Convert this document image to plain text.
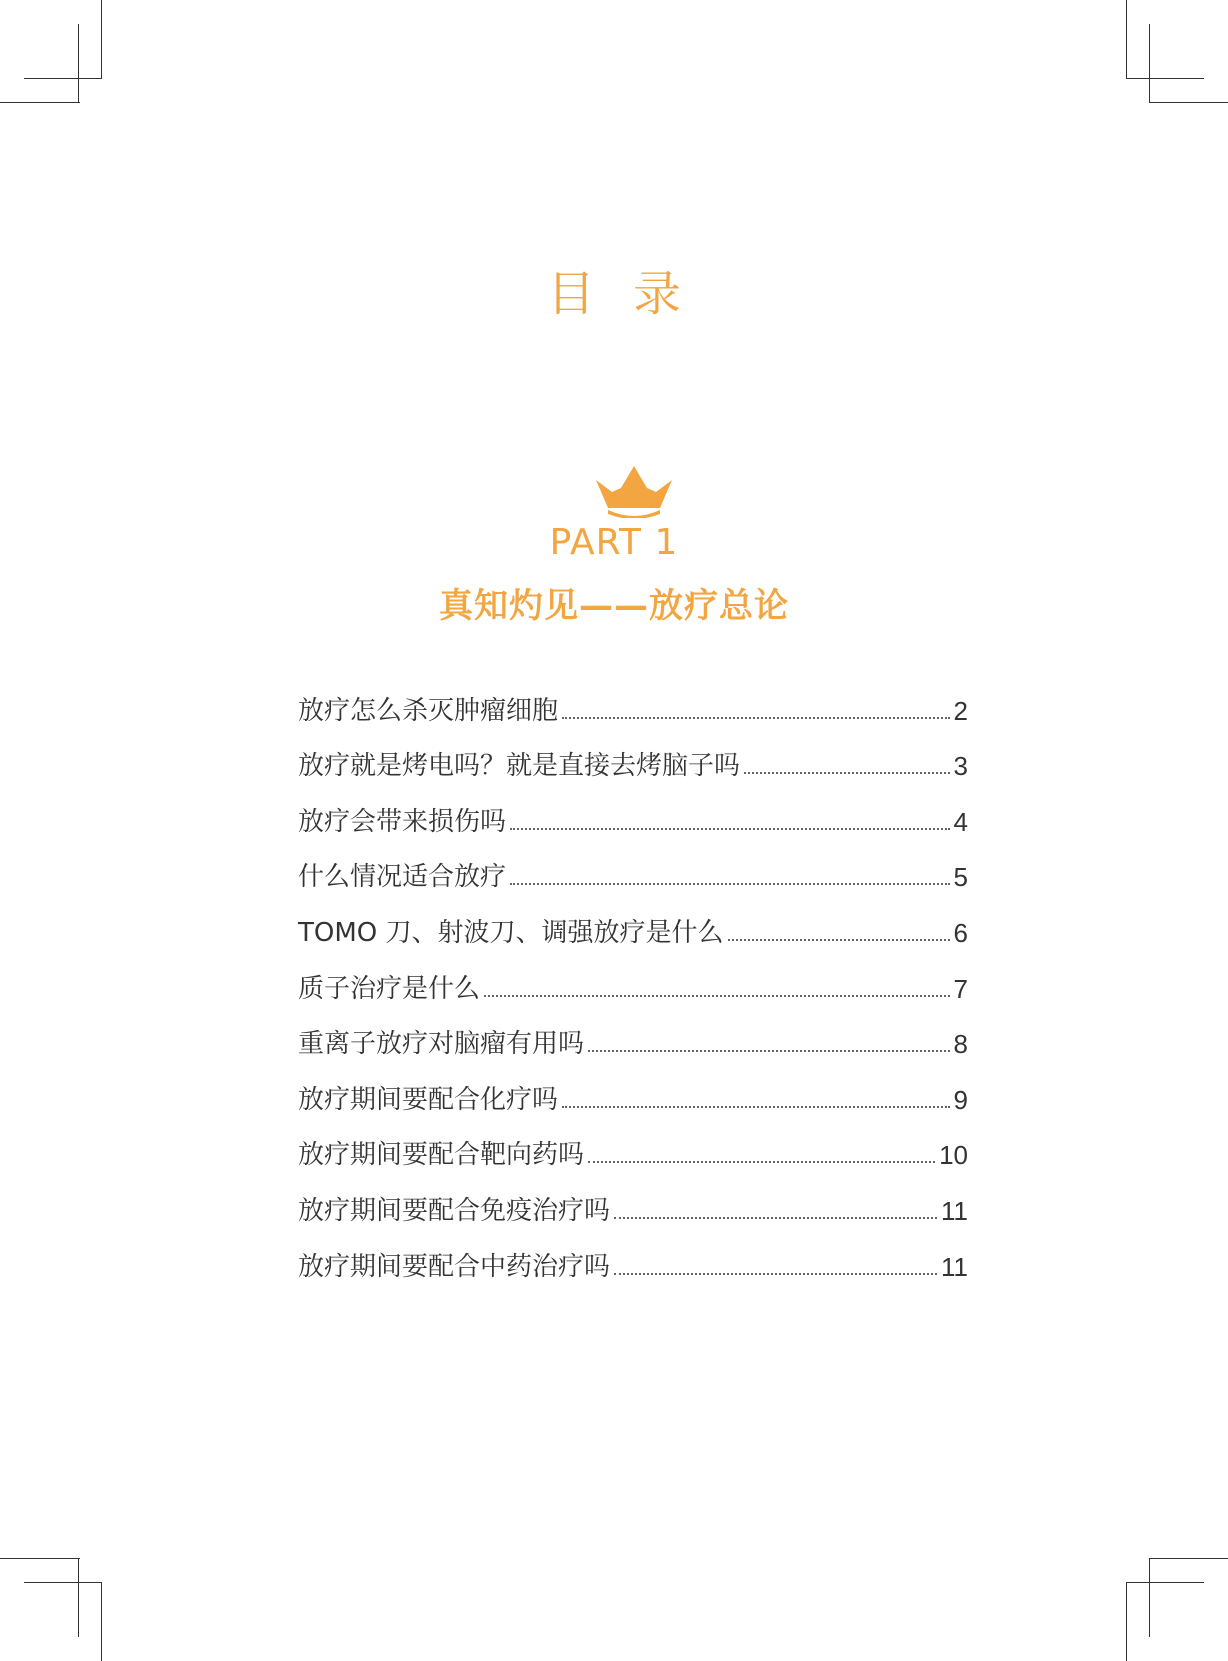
目录
PART 1
真知灼见——放疗总论
放疗怎么杀灭肿瘤细胞	2
放疗就是烤电吗？就是直接去烤脑子吗	3
放疗会带来损伤吗	4
什么情况适合放疗	5
TOMO 刀、射波刀、调强放疗是什么	6
质子治疗是什么	7
重离子放疗对脑瘤有用吗	8
放疗期间要配合化疗吗	9
放疗期间要配合靶向药吗	10
放疗期间要配合免疫治疗吗	11
放疗期间要配合中药治疗吗	11
